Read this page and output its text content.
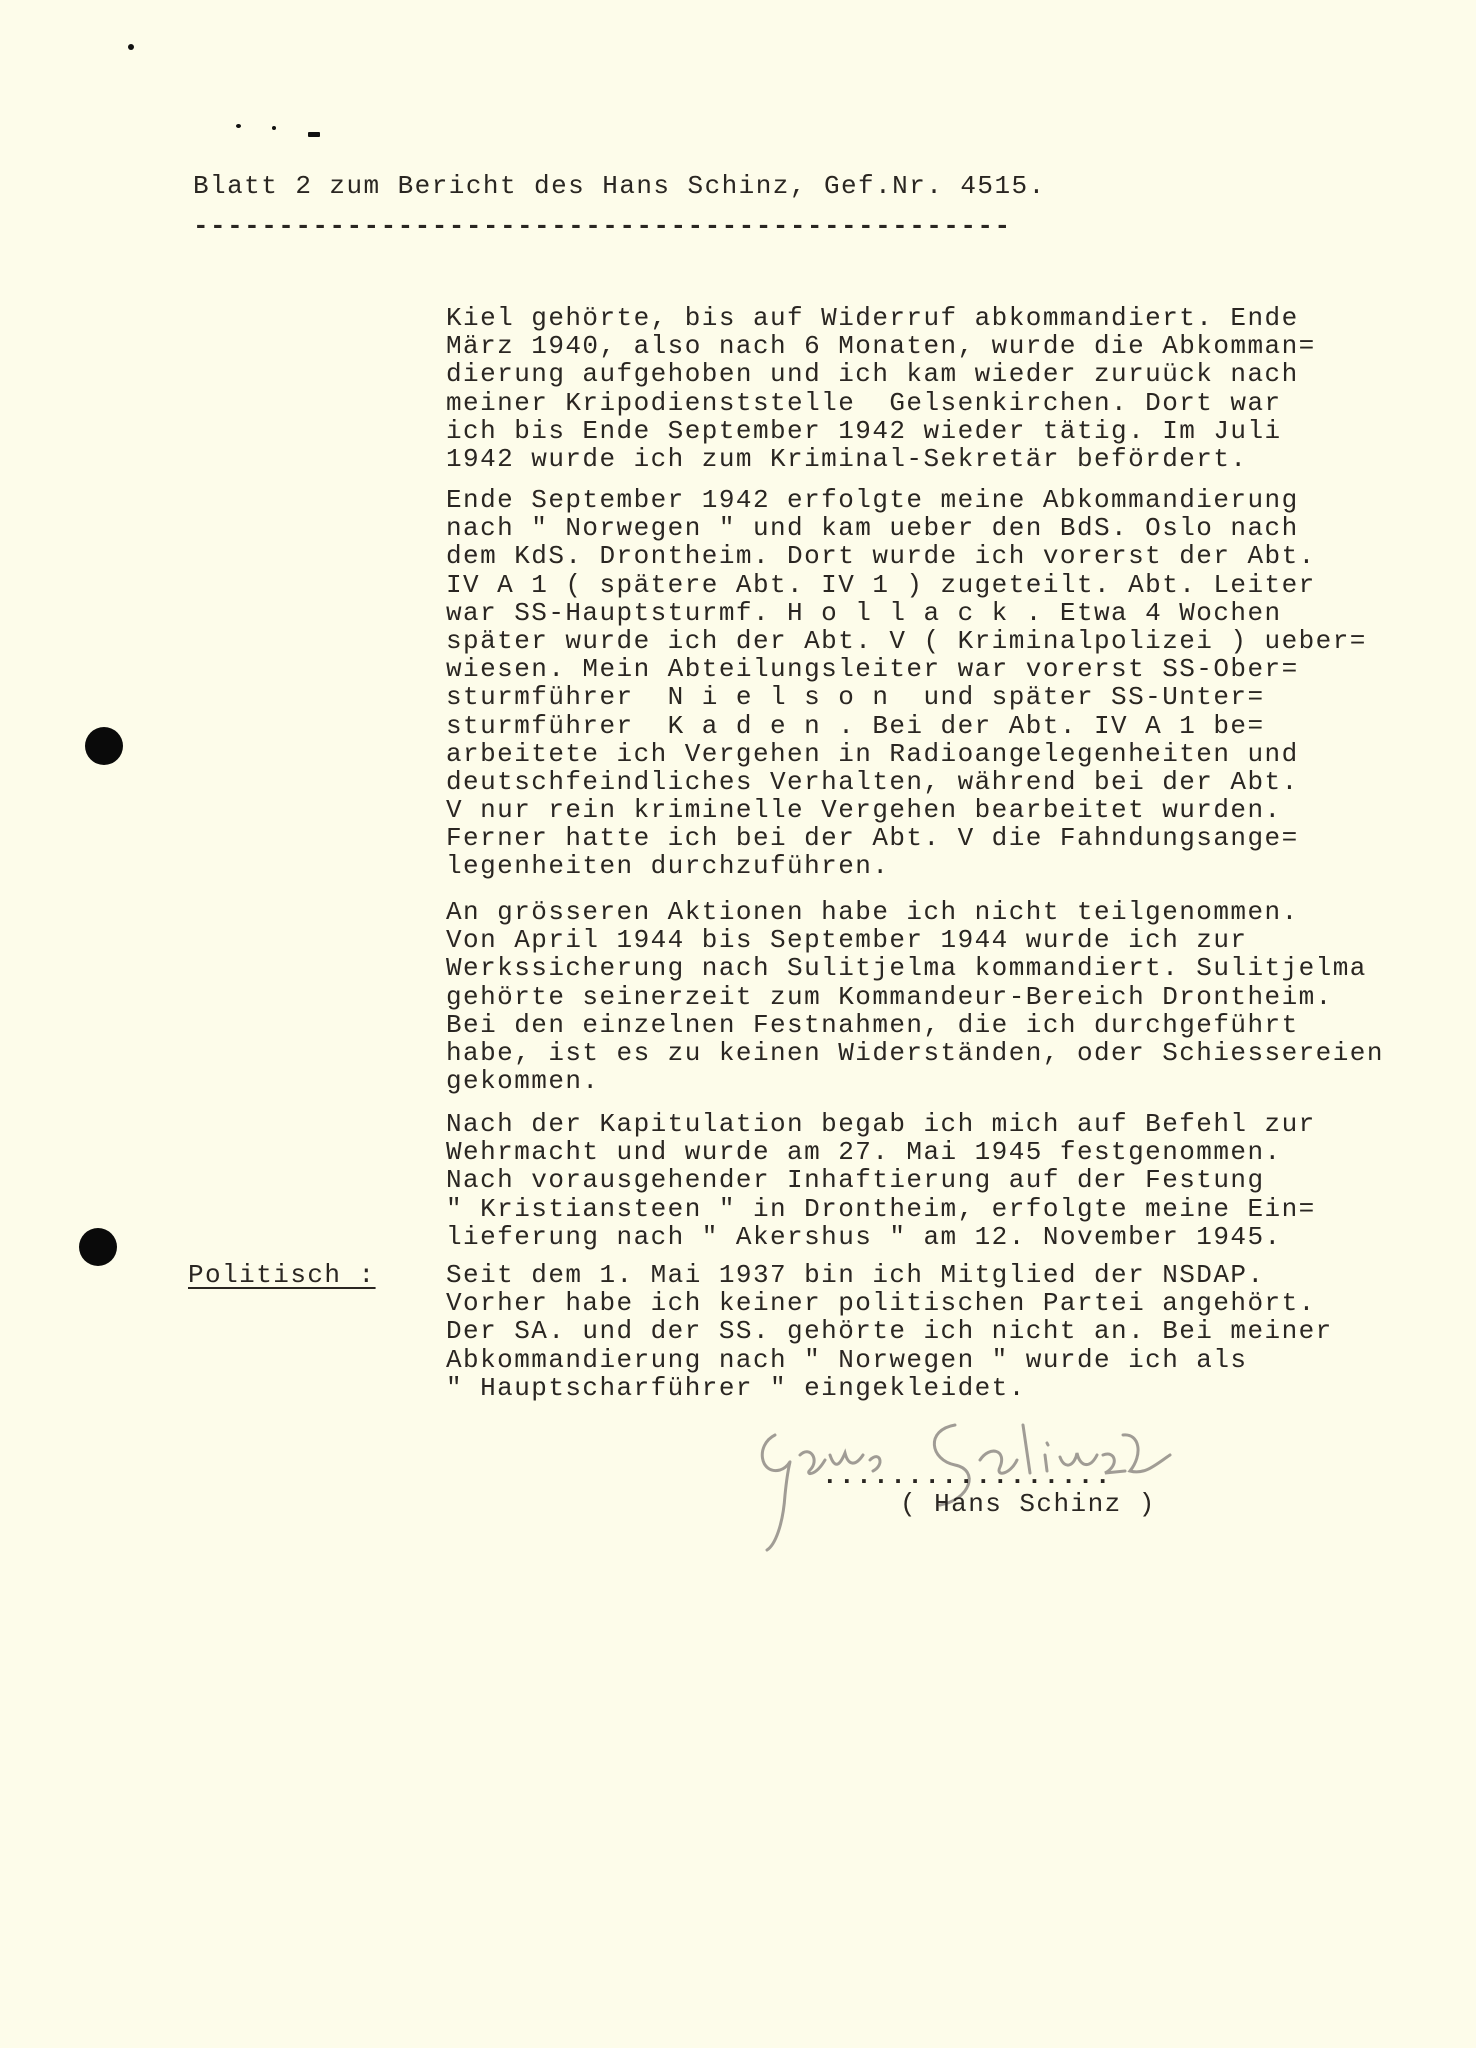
Blatt 2 zum Bericht des Hans Schinz, Gef.Nr. 4515.
------------------------------------------------
Kiel gehörte, bis auf Widerruf abkommandiert. Ende
März 1940, also nach 6 Monaten, wurde die Abkomman=
dierung aufgehoben und ich kam wieder zuruück nach
meiner Kripodienststelle  Gelsenkirchen. Dort war
ich bis Ende September 1942 wieder tätig. Im Juli
1942 wurde ich zum Kriminal-Sekretär befördert.
Ende September 1942 erfolgte meine Abkommandierung
nach " Norwegen " und kam ueber den BdS. Oslo nach
dem KdS. Drontheim. Dort wurde ich vorerst der Abt.
IV A 1 ( spätere Abt. IV 1 ) zugeteilt. Abt. Leiter
war SS-Hauptsturmf. H o l l a c k . Etwa 4 Wochen
später wurde ich der Abt. V ( Kriminalpolizei ) ueber=
wiesen. Mein Abteilungsleiter war vorerst SS-Ober=
sturmführer  N i e l s o n  und später SS-Unter=
sturmführer  K a d e n . Bei der Abt. IV A 1 be=
arbeitete ich Vergehen in Radioangelegenheiten und
deutschfeindliches Verhalten, während bei der Abt.
V nur rein kriminelle Vergehen bearbeitet wurden.
Ferner hatte ich bei der Abt. V die Fahndungsange=
legenheiten durchzuführen.
An grösseren Aktionen habe ich nicht teilgenommen.
Von April 1944 bis September 1944 wurde ich zur
Werkssicherung nach Sulitjelma kommandiert. Sulitjelma
gehörte seinerzeit zum Kommandeur-Bereich Drontheim.
Bei den einzelnen Festnahmen, die ich durchgeführt
habe, ist es zu keinen Widerständen, oder Schiessereien
gekommen.
Nach der Kapitulation begab ich mich auf Befehl zur
Wehrmacht und wurde am 27. Mai 1945 festgenommen.
Nach vorausgehender Inhaftierung auf der Festung
" Kristiansteen " in Drontheim, erfolgte meine Ein=
lieferung nach " Akershus " am 12. November 1945.
Politisch :	Seit dem 1. Mai 1937 bin ich Mitglied der NSDAP.
Vorher habe ich keiner politischen Partei angehört.
Der SA. und der SS. gehörte ich nicht an. Bei meiner
Abkommandierung nach " Norwegen " wurde ich als
" Hauptscharführer " eingekleidet.
.................
( Hans Schinz )
